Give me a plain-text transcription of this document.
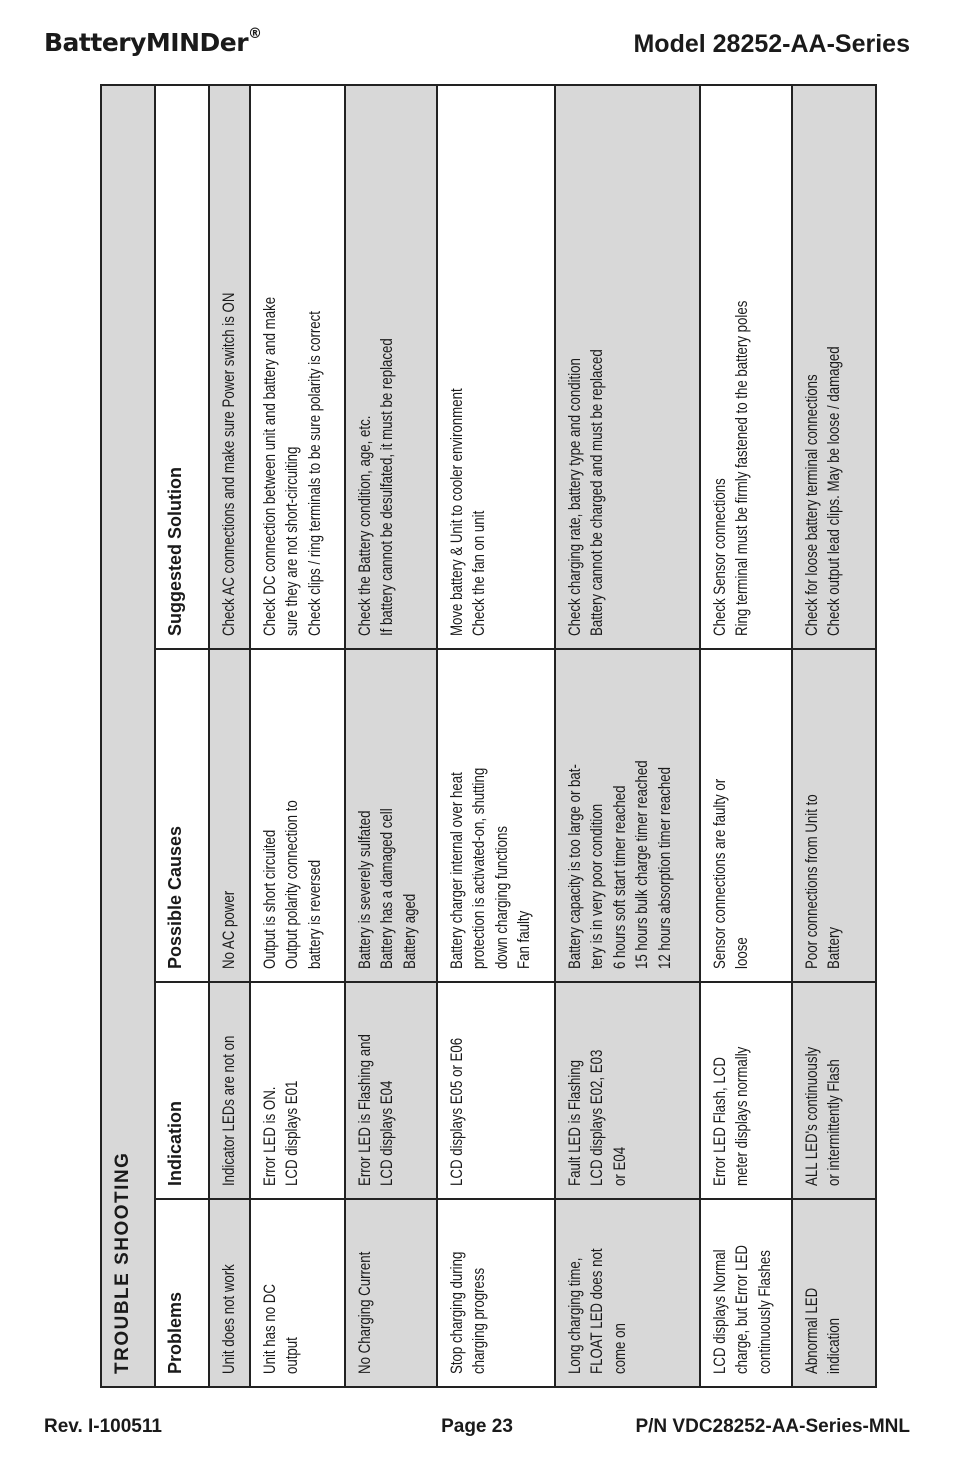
BatteryMINDer®	Model 28252-AA-Series
TROUBLE SHOOTING			
Problems	Indication	Possible Causes	Suggested Solution

Unit does not work	Indicator LEDs are not on	No AC power	Check AC connections and make sure Power switch is ON

Unit has no DC output	Error LED is ON. LCD displays E01	Output is short circuited Output polarity connection to battery is reversed	Check DC connection between unit and battery and make sure they are not short-circuiting Check clips / ring terminals to be sure polarity is correct

No Charging Current	Error LED is Flashing and LCD displays E04	Battery is severely sulfated Battery has a damaged cell Battery aged	Check the Battery condition, age, etc. If battery cannot be desulfated, it must be replaced

Stop charging during charging progress	LCD displays E05 or E06	Battery charger internal over heat protection is activated-on, shutting down charging functions Fan faulty	Move battery & Unit to cooler environment Check the fan on unit

Long charging time, FLOAT LED does not come on	Fault LED is Flashing LCD displays E02, E03 or E04	Battery capacity is too large or bat- tery is in very poor condition 6 hours soft start timer reached 15 hours bulk charge timer reached 12 hours absorption timer reached	Check charging rate, battery type and condition Battery cannot be charged and must be replaced

LCD displays Normal charge, but Error LED continuously Flashes	Error LED Flash, LCD meter displays normally	Sensor connections are faulty or loose	Check Sensor connections Ring terminal must be firmly fastened to the battery poles

Abnormal LED indication	ALL LED's continuously or intermittently Flash	Poor connections from Unit to Battery	Check for loose battery terminal connections Check output lead clips. May be loose / damaged
Rev. I-100511	Page 23	P/N VDC28252-AA-Series-MNL
